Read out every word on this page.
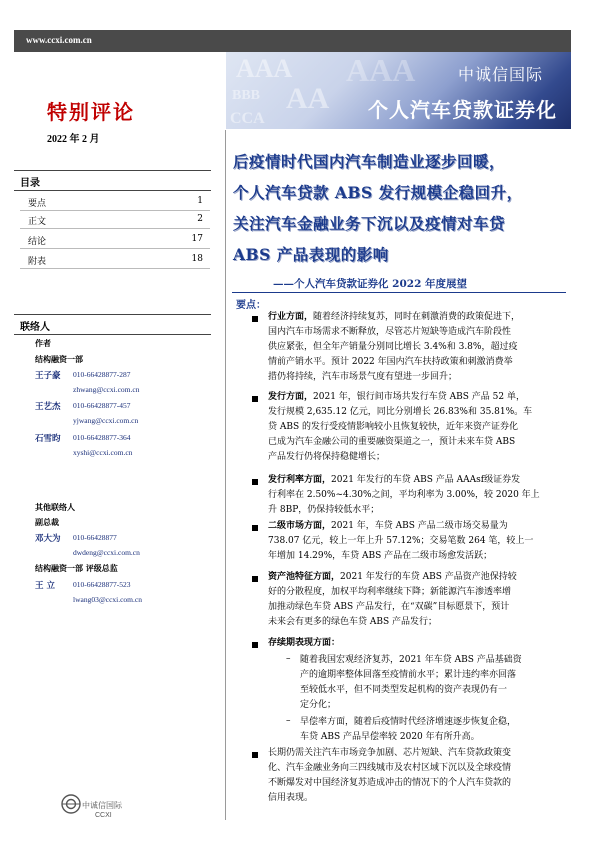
www.ccxi.com.cn
AAA
BBB AA
CCA
AAA	中诚信国际
个人汽车贷款证券化
特别评论
2022 年 2 月
目录
要点	1
正文	2
结论	17
附表	18
联络人
作者
结构融资一部
王子豪 010-66428877-287
zhwang@ccxi.com.cn
王艺杰 010-66428877-457
yjwang@ccxi.com.cn
石雪昀 010-66428877-364
xyshi@ccxi.com.cn
其他联络人
副总裁
邓大为 010-66428877
dwdeng@ccxi.com.cn
结构融资一部 评级总监
王 立 010-66428877-523
lwang03@ccxi.com.cn
中诚信国际
CCXI
后疫情时代国内汽车制造业逐步回暖，
个人汽车贷款 ABS 发行规模企稳回升，
关注汽车金融业务下沉以及疫情对车贷
ABS 产品表现的影响
——个人汽车贷款证券化 2022 年度展望
要点：
行业方面，随着经济持续复苏，同时在刺激消费的政策促进下，
国内汽车市场需求不断释放，尽管芯片短缺等造成汽车阶段性
供应紧张，但全年产销量分别同比增长 3.4%和 3.8%，超过疫
情前产销水平。预计 2022 年国内汽车扶持政策和刺激消费举
措仍将持续，汽车市场景气度有望进一步回升；
发行方面，2021 年，银行间市场共发行车贷 ABS 产品 52 单，
发行规模 2,635.12 亿元，同比分别增长 26.83%和 35.81%。车
贷 ABS 的发行受疫情影响较小且恢复较快，近年来资产证券化
已成为汽车金融公司的重要融资渠道之一，预计未来车贷 ABS
产品发行仍将保持稳健增长；
发行利率方面，2021 年发行的车贷 ABS 产品 AAAsf级证券发
行利率在 2.50%~4.30%之间，平均利率为 3.00%，较 2020 年上
升 8BP，仍保持较低水平；
二级市场方面，2021 年，车贷 ABS 产品二级市场交易量为
738.07 亿元，较上一年上升 57.12%；交易笔数 264 笔，较上一
年增加 14.29%，车贷 ABS 产品在二级市场愈发活跃；
资产池特征方面，2021 年发行的车贷 ABS 产品资产池保持较
好的分散程度，加权平均利率继续下降；新能源汽车渗透率增
加推动绿色车贷 ABS 产品发行，在“双碳”目标愿景下，预计
未来会有更多的绿色车贷 ABS 产品发行；
存续期表现方面：
– 随着我国宏观经济复苏，2021 年车贷 ABS 产品基础资
产的逾期率整体回落至疫情前水平；累计违约率亦回落
至较低水平，但不同类型发起机构的资产表现仍有一
定分化；
– 早偿率方面，随着后疫情时代经济增速逐步恢复企稳，
车贷 ABS 产品早偿率较 2020 年有所升高。
长期仍需关注汽车市场竞争加剧、芯片短缺、汽车贷款政策变
化、汽车金融业务向三四线城市及农村区域下沉以及全球疫情
不断爆发对中国经济复苏造成冲击的情况下的个人汽车贷款的
信用表现。
